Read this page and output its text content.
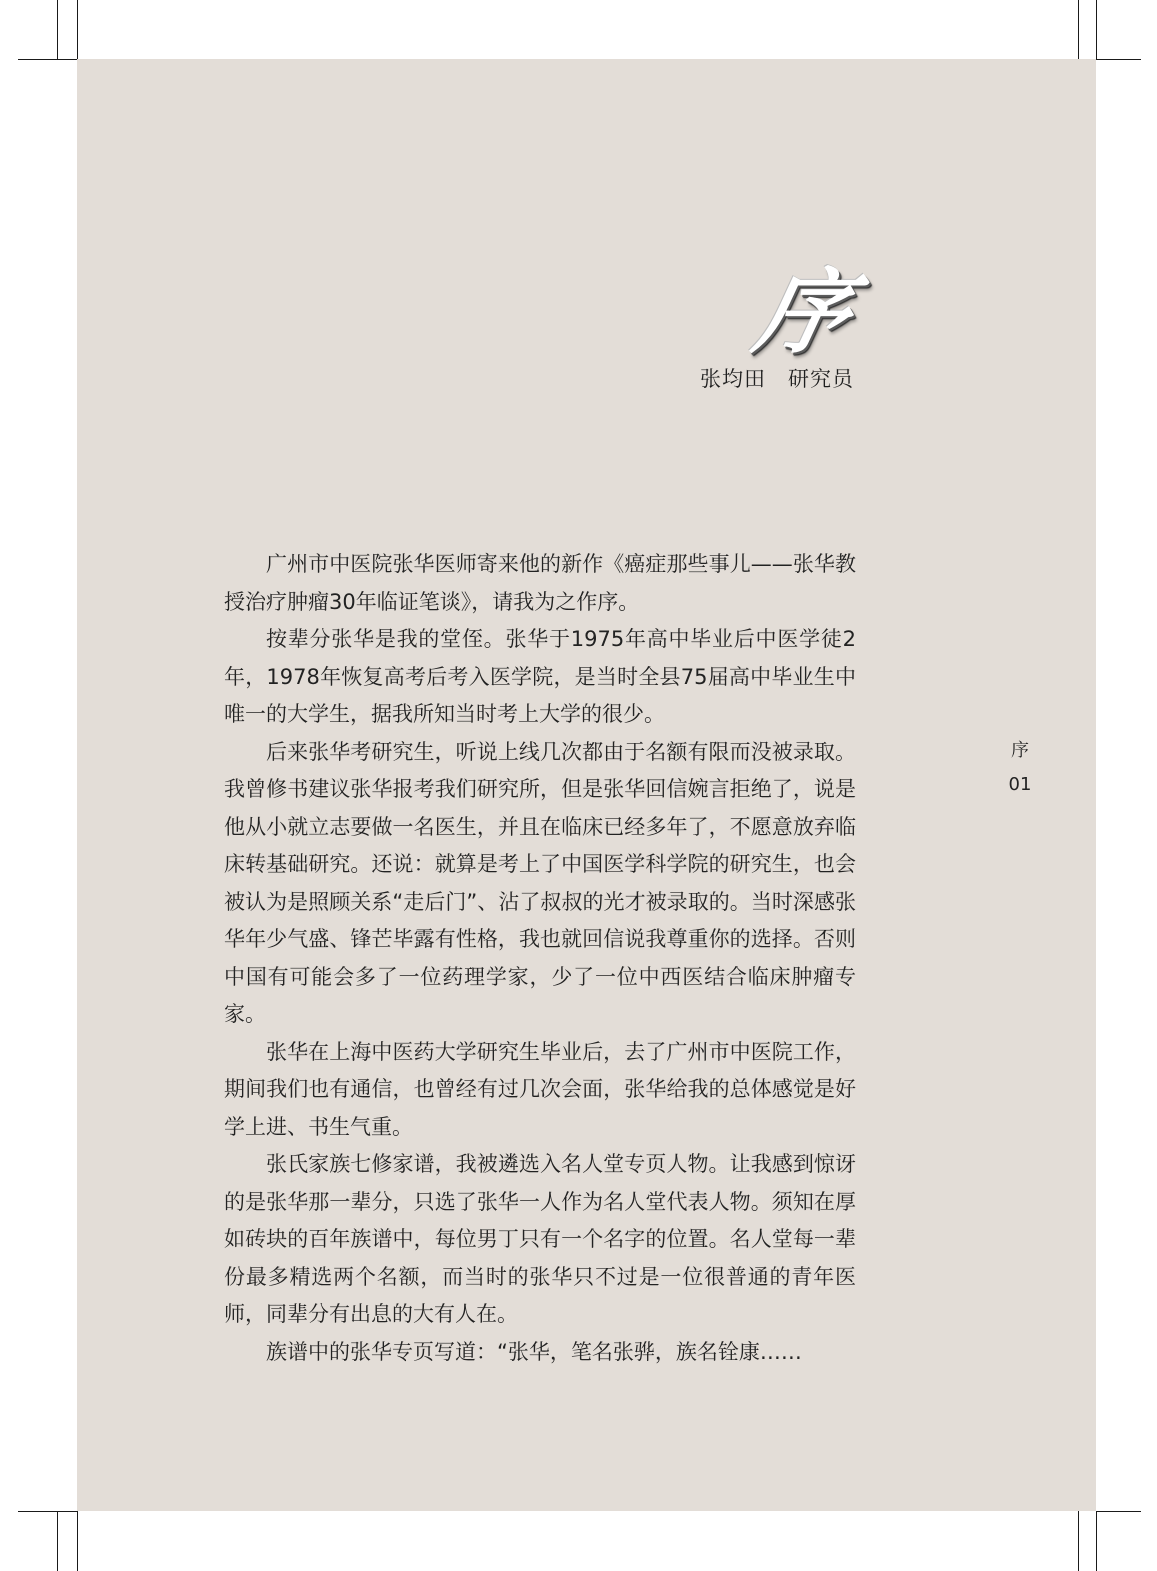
序
张均田　研究员

广州市中医院张华医师寄来他的新作《癌症那些事儿——张华教授治疗肿瘤30年临证笔谈》，请我为之作序。

按辈分张华是我的堂侄。张华于1975年高中毕业后中医学徒2年，1978年恢复高考后考入医学院，是当时全县75届高中毕业生中唯一的大学生，据我所知当时考上大学的很少。

后来张华考研究生，听说上线几次都由于名额有限而没被录取。我曾修书建议张华报考我们研究所，但是张华回信婉言拒绝了，说是他从小就立志要做一名医生，并且在临床已经多年了，不愿意放弃临床转基础研究。还说：就算是考上了中国医学科学院的研究生，也会被认为是照顾关系“走后门”、沾了叔叔的光才被录取的。当时深感张华年少气盛、锋芒毕露有性格，我也就回信说我尊重你的选择。否则中国有可能会多了一位药理学家，少了一位中西医结合临床肿瘤专家。

张华在上海中医药大学研究生毕业后，去了广州市中医院工作，期间我们也有通信，也曾经有过几次会面，张华给我的总体感觉是好学上进、书生气重。

张氏家族七修家谱，我被遴选入名人堂专页人物。让我感到惊讶的是张华那一辈分，只选了张华一人作为名人堂代表人物。须知在厚如砖块的百年族谱中，每位男丁只有一个名字的位置。名人堂每一辈份最多精选两个名额，而当时的张华只不过是一位很普通的青年医师，同辈分有出息的大有人在。

族谱中的张华专页写道：“张华，笔名张骅，族名铨康……

序
01
